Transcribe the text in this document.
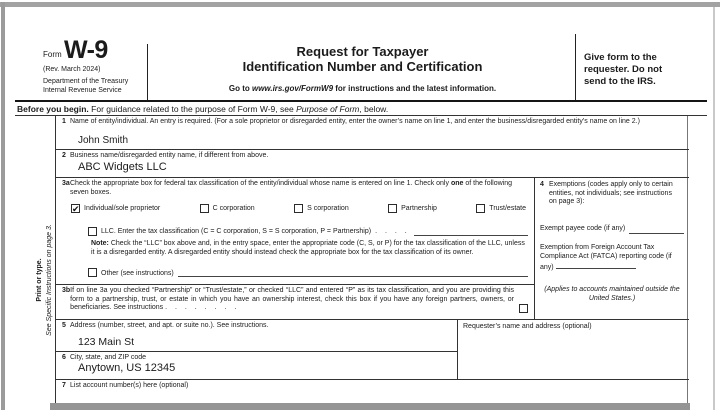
Form W-9
(Rev. March 2024)
Department of the Treasury
Internal Revenue Service
Request for Taxpayer
Identification Number and Certification
Go to www.irs.gov/FormW9 for instructions and the latest information.
Give form to the requester. Do not send to the IRS.
Before you begin. For guidance related to the purpose of Form W-9, see Purpose of Form, below.
Print or type. See Specific Instructions on page 3.
1 Name of entity/individual. An entry is required. (For a sole proprietor or disregarded entity, enter the owner’s name on line 1, and enter the business/disregarded entity’s name on line 2.)
John Smith
2 Business name/disregarded entity name, if different from above.
ABC Widgets LLC
3a Check the appropriate box for federal tax classification of the entity/individual whose name is entered on line 1. Check only one of the following seven boxes.
✔ Individual/sole proprietor	C corporation	S corporation	Partnership	Trust/estate
LLC. Enter the tax classification (C = C corporation, S = S corporation, P = Partnership) . . . .
Note: Check the “LLC” box above and, in the entry space, enter the appropriate code (C, S, or P) for the tax classification of the LLC, unless it is a disregarded entity. A disregarded entity should instead check the appropriate box for the tax classification of its owner.
Other (see instructions)
3b If on line 3a you checked “Partnership” or “Trust/estate,” or checked “LLC” and entered “P” as its tax classification, and you are providing this form to a partnership, trust, or estate in which you have an ownership interest, check this box if you have any foreign partners, owners, or beneficiaries. See instructions . . . . . . . .
4 Exemptions (codes apply only to certain entities, not individuals; see instructions on page 3):
Exempt payee code (if any)
Exemption from Foreign Account Tax Compliance Act (FATCA) reporting code (if any)
(Applies to accounts maintained outside the United States.)
5 Address (number, street, and apt. or suite no.). See instructions.
123 Main St
Requester’s name and address (optional)
6 City, state, and ZIP code
Anytown, US 12345
7 List account number(s) here (optional)
